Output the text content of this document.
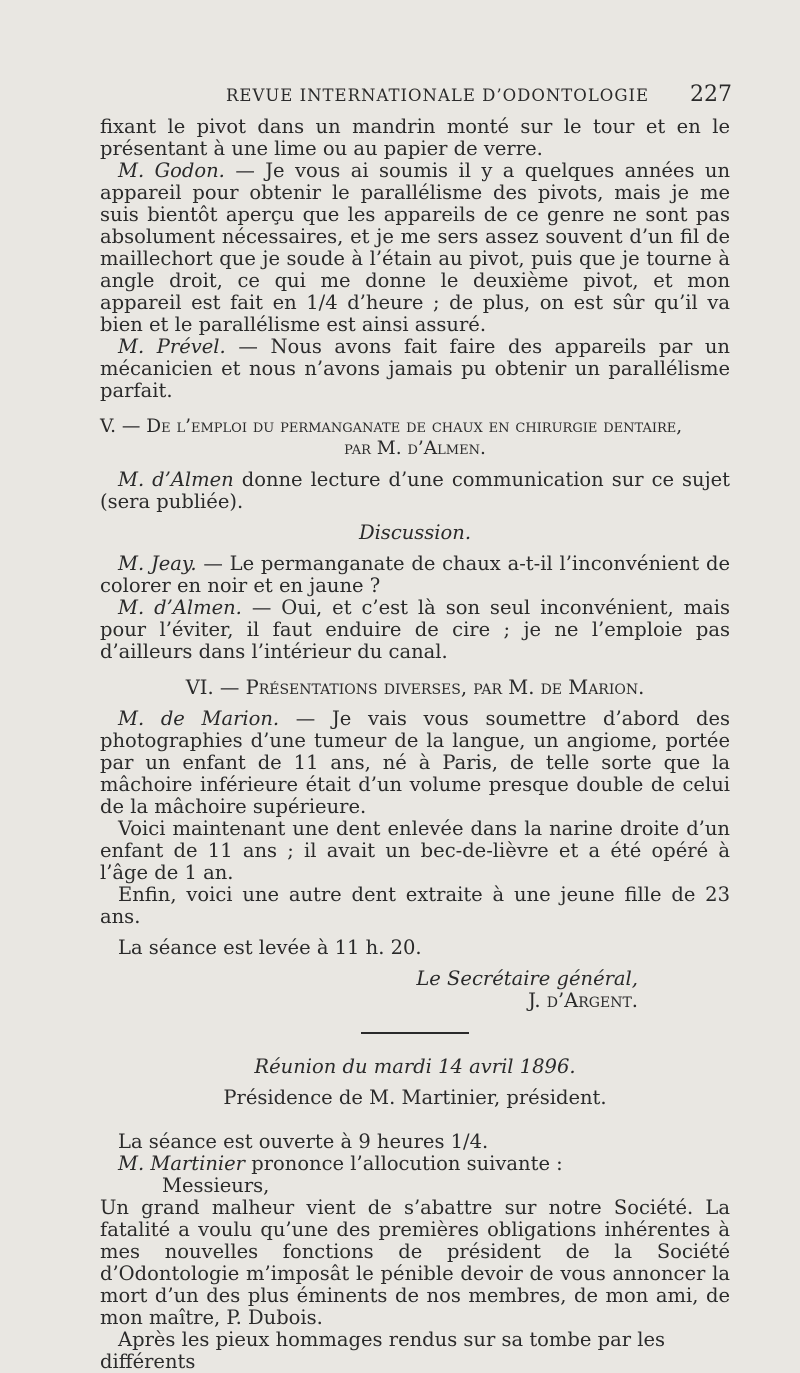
REVUE INTERNATIONALE D’ODONTOLOGIE 227

fixant le pivot dans un mandrin monté sur le tour et en le présentant à une lime ou au papier de verre.

M. Godon. — Je vous ai soumis il y a quelques années un appareil pour obtenir le parallélisme des pivots, mais je me suis bientôt aperçu que les appareils de ce genre ne sont pas absolument nécessaires, et je me sers assez souvent d’un fil de maillechort que je soude à l’étain au pivot, puis que je tourne à angle droit, ce qui me donne le deuxième pivot, et mon appareil est fait en 1/4 d’heure ; de plus, on est sûr qu’il va bien et le parallélisme est ainsi assuré.

M. Prével. — Nous avons fait faire des appareils par un mécanicien et nous n’avons jamais pu obtenir un parallélisme parfait.

V. — De l’emploi du permanganate de chaux en chirurgie dentaire,

par M. d’Almen.

M. d’Almen donne lecture d’une communication sur ce sujet (sera publiée).

Discussion.

M. Jeay. — Le permanganate de chaux a-t-il l’inconvénient de colorer en noir et en jaune ?

M. d’Almen. — Oui, et c’est là son seul inconvénient, mais pour l’éviter, il faut enduire de cire ; je ne l’emploie pas d’ailleurs dans l’intérieur du canal.

VI. — Présentations diverses, par M. de Marion.

M. de Marion. — Je vais vous soumettre d’abord des photographies d’une tumeur de la langue, un angiome, portée par un enfant de 11 ans, né à Paris, de telle sorte que la mâchoire inférieure était d’un volume presque double de celui de la mâchoire supérieure.

Voici maintenant une dent enlevée dans la narine droite d’un enfant de 11 ans ; il avait un bec-de-lièvre et a été opéré à l’âge de 1 an.

Enfin, voici une autre dent extraite à une jeune fille de 23 ans.

La séance est levée à 11 h. 20.

Le Secrétaire général,

J. d’Argent.

Réunion du mardi 14 avril 1896.

Présidence de M. Martinier, président.

La séance est ouverte à 9 heures 1/4.

M. Martinier prononce l’allocution suivante :

Messieurs,

Un grand malheur vient de s’abattre sur notre Société. La fatalité a voulu qu’une des premières obligations inhérentes à mes nouvelles fonctions de président de la Société d’Odontologie m’imposât le pénible devoir de vous annoncer la mort d’un des plus éminents de nos membres, de mon ami, de mon maître, P. Dubois.

Après les pieux hommages rendus sur sa tombe par les différents
